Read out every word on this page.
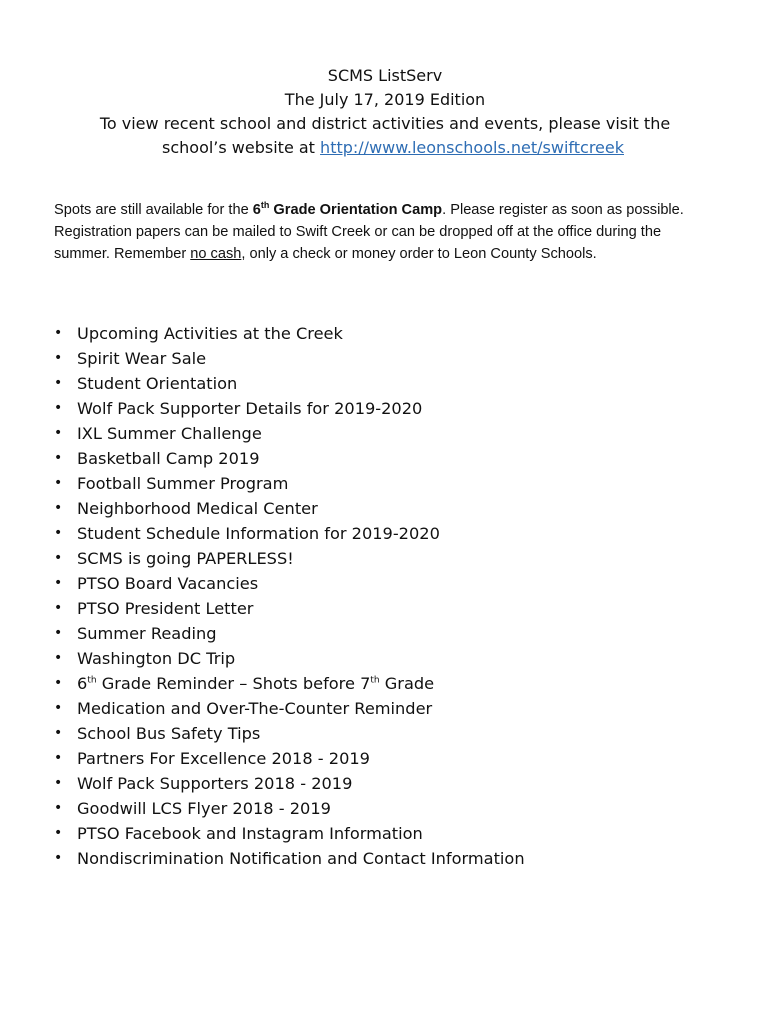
SCMS ListServ
The July 17, 2019 Edition
To view recent school and district activities and events, please visit the
school’s website at http://www.leonschools.net/swiftcreek
Spots are still available for the 6th Grade Orientation Camp. Please register as soon as possible. Registration papers can be mailed to Swift Creek or can be dropped off at the office during the summer. Remember no cash, only a check or money order to Leon County Schools.
• Upcoming Activities at the Creek
• Spirit Wear Sale
• Student Orientation
• Wolf Pack Supporter Details for 2019-2020
• IXL Summer Challenge
• Basketball Camp 2019
• Football Summer Program
• Neighborhood Medical Center
• Student Schedule Information for 2019-2020
• SCMS is going PAPERLESS!
• PTSO Board Vacancies
• PTSO President Letter
• Summer Reading
• Washington DC Trip
• 6th Grade Reminder – Shots before 7th Grade
• Medication and Over-The-Counter Reminder
• School Bus Safety Tips
• Partners For Excellence 2018 - 2019
• Wolf Pack Supporters 2018 - 2019
• Goodwill LCS Flyer 2018 - 2019
• PTSO Facebook and Instagram Information
• Nondiscrimination Notification and Contact Information
